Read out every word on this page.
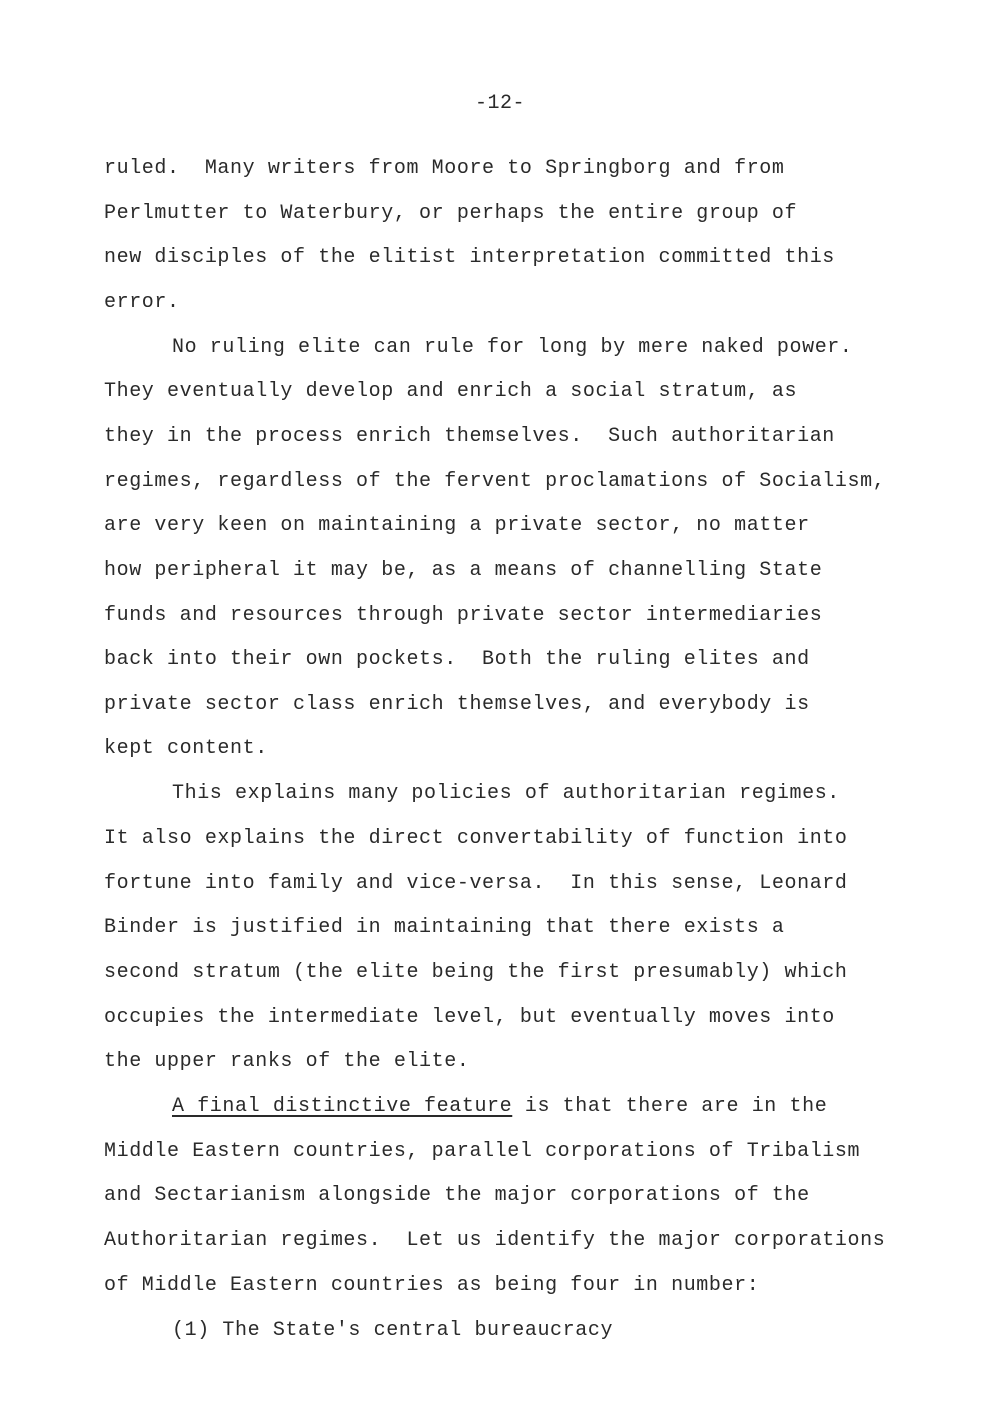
-12-
ruled.  Many writers from Moore to Springborg and from
Perlmutter to Waterbury, or perhaps the entire group of
new disciples of the elitist interpretation committed this
error.
No ruling elite can rule for long by mere naked power.
They eventually develop and enrich a social stratum, as
they in the process enrich themselves.  Such authoritarian
regimes, regardless of the fervent proclamations of Socialism,
are very keen on maintaining a private sector, no matter
how peripheral it may be, as a means of channelling State
funds and resources through private sector intermediaries
back into their own pockets.  Both the ruling elites and
private sector class enrich themselves, and everybody is
kept content.
This explains many policies of authoritarian regimes.
It also explains the direct convertability of function into
fortune into family and vice-versa.  In this sense, Leonard
Binder is justified in maintaining that there exists a
second stratum (the elite being the first presumably) which
occupies the intermediate level, but eventually moves into
the upper ranks of the elite.
A final distinctive feature is that there are in the
Middle Eastern countries, parallel corporations of Tribalism
and Sectarianism alongside the major corporations of the
Authoritarian regimes.  Let us identify the major corporations
of Middle Eastern countries as being four in number:
(1) The State's central bureaucracy
